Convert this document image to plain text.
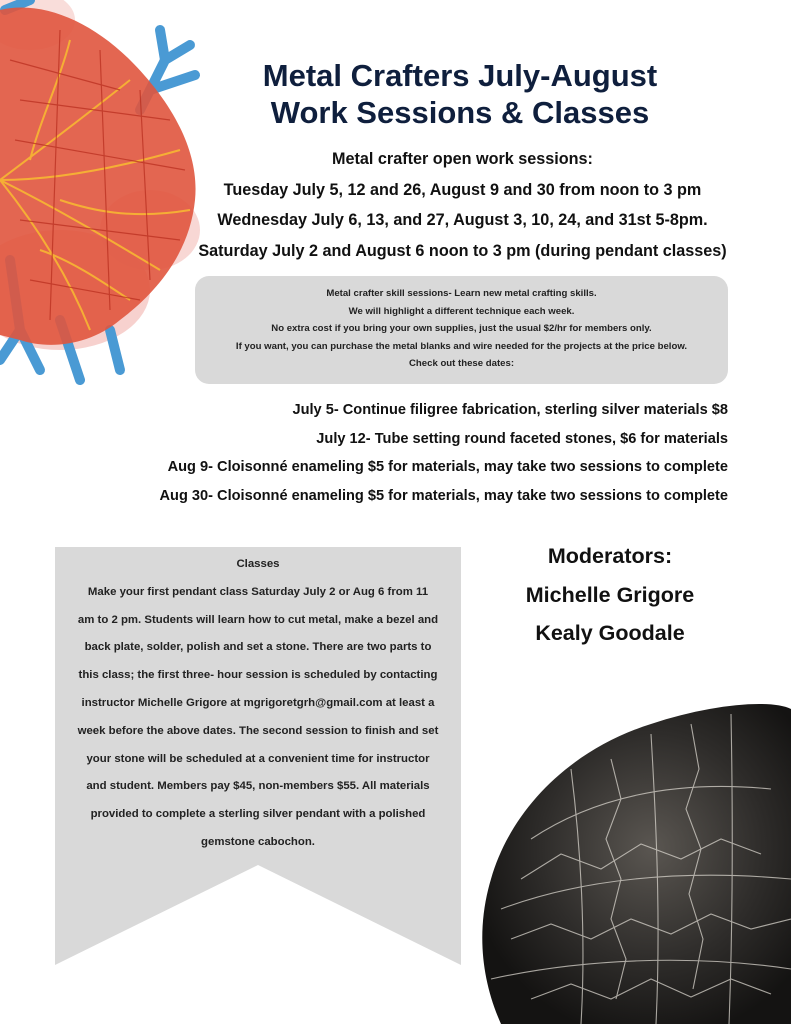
Metal Crafters July-August
Work Sessions & Classes
Metal crafter open work sessions:
Tuesday July 5, 12 and 26, August 9 and 30 from noon to 3 pm
Wednesday July 6, 13, and 27, August 3, 10, 24, and 31st 5-8pm.
Saturday July 2 and August 6 noon to 3 pm (during pendant classes)
Metal crafter skill sessions- Learn new metal crafting skills.
We will highlight a different technique each week.
No extra cost if you bring your own supplies, just the usual $2/hr for members only.
If you want, you can purchase the metal blanks and wire needed for the projects at the price below.
Check out these dates:
July 5- Continue filigree fabrication, sterling silver materials $8
July 12- Tube setting round faceted stones, $6 for materials
Aug 9- Cloisonné enameling $5 for materials, may take two sessions to complete
Aug 30- Cloisonné enameling $5 for materials, may take two sessions to complete
Classes
Make your first pendant class Saturday July 2 or Aug 6 from 11
am to 2 pm. Students will learn how to cut metal, make a bezel and
back plate, solder, polish and set a stone. There are two parts to
this class; the first three- hour session is scheduled by contacting
instructor Michelle Grigore at mgrigoretgrh@gmail.com at least a
week before the above dates. The second session to finish and set
your stone will be scheduled at a convenient time for instructor
and student. Members pay $45, non-members $55. All materials
provided to complete a sterling silver pendant with a polished
gemstone cabochon.
Moderators:
Michelle Grigore
Kealy Goodale
